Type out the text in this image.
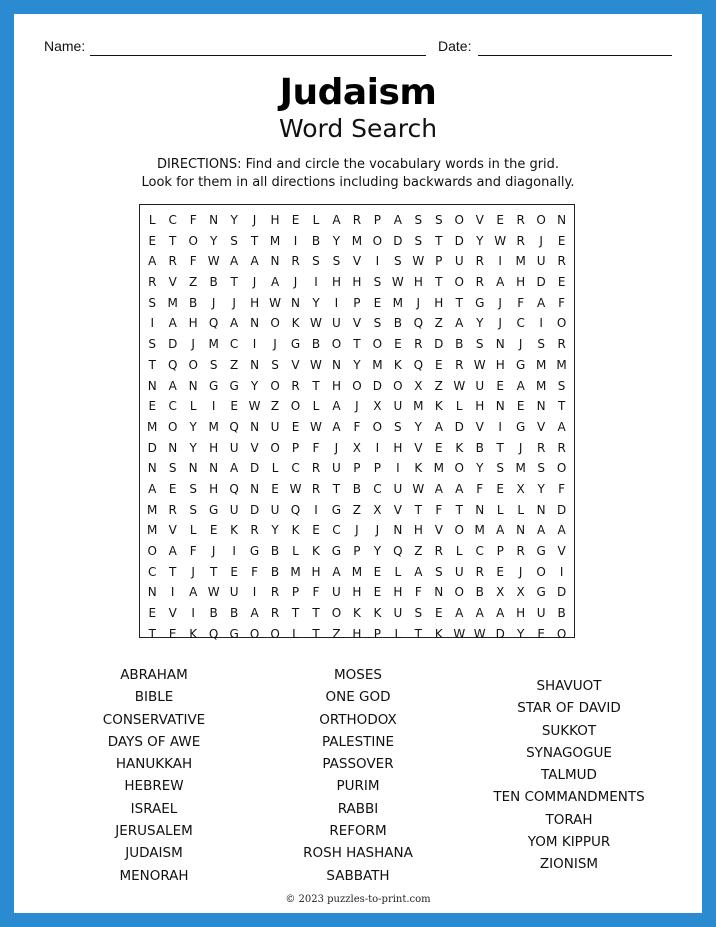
Name:	Date:
Judaism
Word Search
DIRECTIONS: Find and circle the vocabulary words in the grid.
Look for them in all directions including backwards and diagonally.
L	C	F	N	Y	J	H	E	L	A	R	P	A	S	S O V	E	R O N
E	T	O	Y	S	T M	I	B	Y M O D	S	T	D	Y W R	J	E
A	R	F W A	A N R	S	S	V	I	S W P	U R	I	M U R
R	V	Z	B	T	J	A	J	I	H H	S W H	T	O R	A H D	E
S M B	J	J	H W N	Y	I	P	E M	J	H	T	G	J	F	A	F
I	A H Q A N O K W U V	S	B Q Z	A	Y	J	C	I	O
S	D	J	M C	I	J	G B O	T	O E	R D B	S	N	J	S	R
T	Q O S	Z N	S	V W N	Y M K Q E	R W H G M M
N A N G G	Y	O R	T	H O D O X	Z W U	E	A M S
E	C	L	I	E W Z O	L	A	J	X U M K	L	H N	E	N	T
M O	Y M Q N U	E W A	F	O S	Y	A D V	I	G V	A
D N	Y	H U V O	P	F	J	X	I	H V	E	K	B	T	J	R	R
N	S	N N A D	L	C	R U	P	P	I	K M O	Y	S M S O
A	E	S	H Q N	E W R	T	B	C U W A	A	F	E	X	Y	F
M R	S	G U D U Q	I	G Z	X	V	T	F	T	N	L	L	N D
M V	L	E	K	R	Y	K	E	C	J	J	N H V O M A N A	A
O A	F	J	I	G B	L	K G	P	Y	Q Z	R	L	C	P	R G V
C	T	J	T	E	F	B M H A M E	L	A	S	U R	E	J	O	I
N	I	A W U	I	R	P	F	U H	E	H	F	N O B	X	X G D
E	V	I	B	B	A	R	T	T	O K	K	U	S	E	A	A	A H U B
T	E	K Q G O O	L	T	Z H	P	L	T	K W W D	Y	E O
ABRAHAM
BIBLE
CONSERVATIVE
DAYS OF AWE
HANUKKAH
HEBREW
ISRAEL
JERUSALEM
JUDAISM
MENORAH
MOSES
ONE GOD
ORTHODOX
PALESTINE
PASSOVER
PURIM
RABBI
REFORM
ROSH HASHANA
SABBATH
SHAVUOT
STAR OF DAVID
SUKKOT
SYNAGOGUE
TALMUD
TEN COMMANDMENTS
TORAH
YOM KIPPUR
ZIONISM
© 2023 puzzles-to-print.com
